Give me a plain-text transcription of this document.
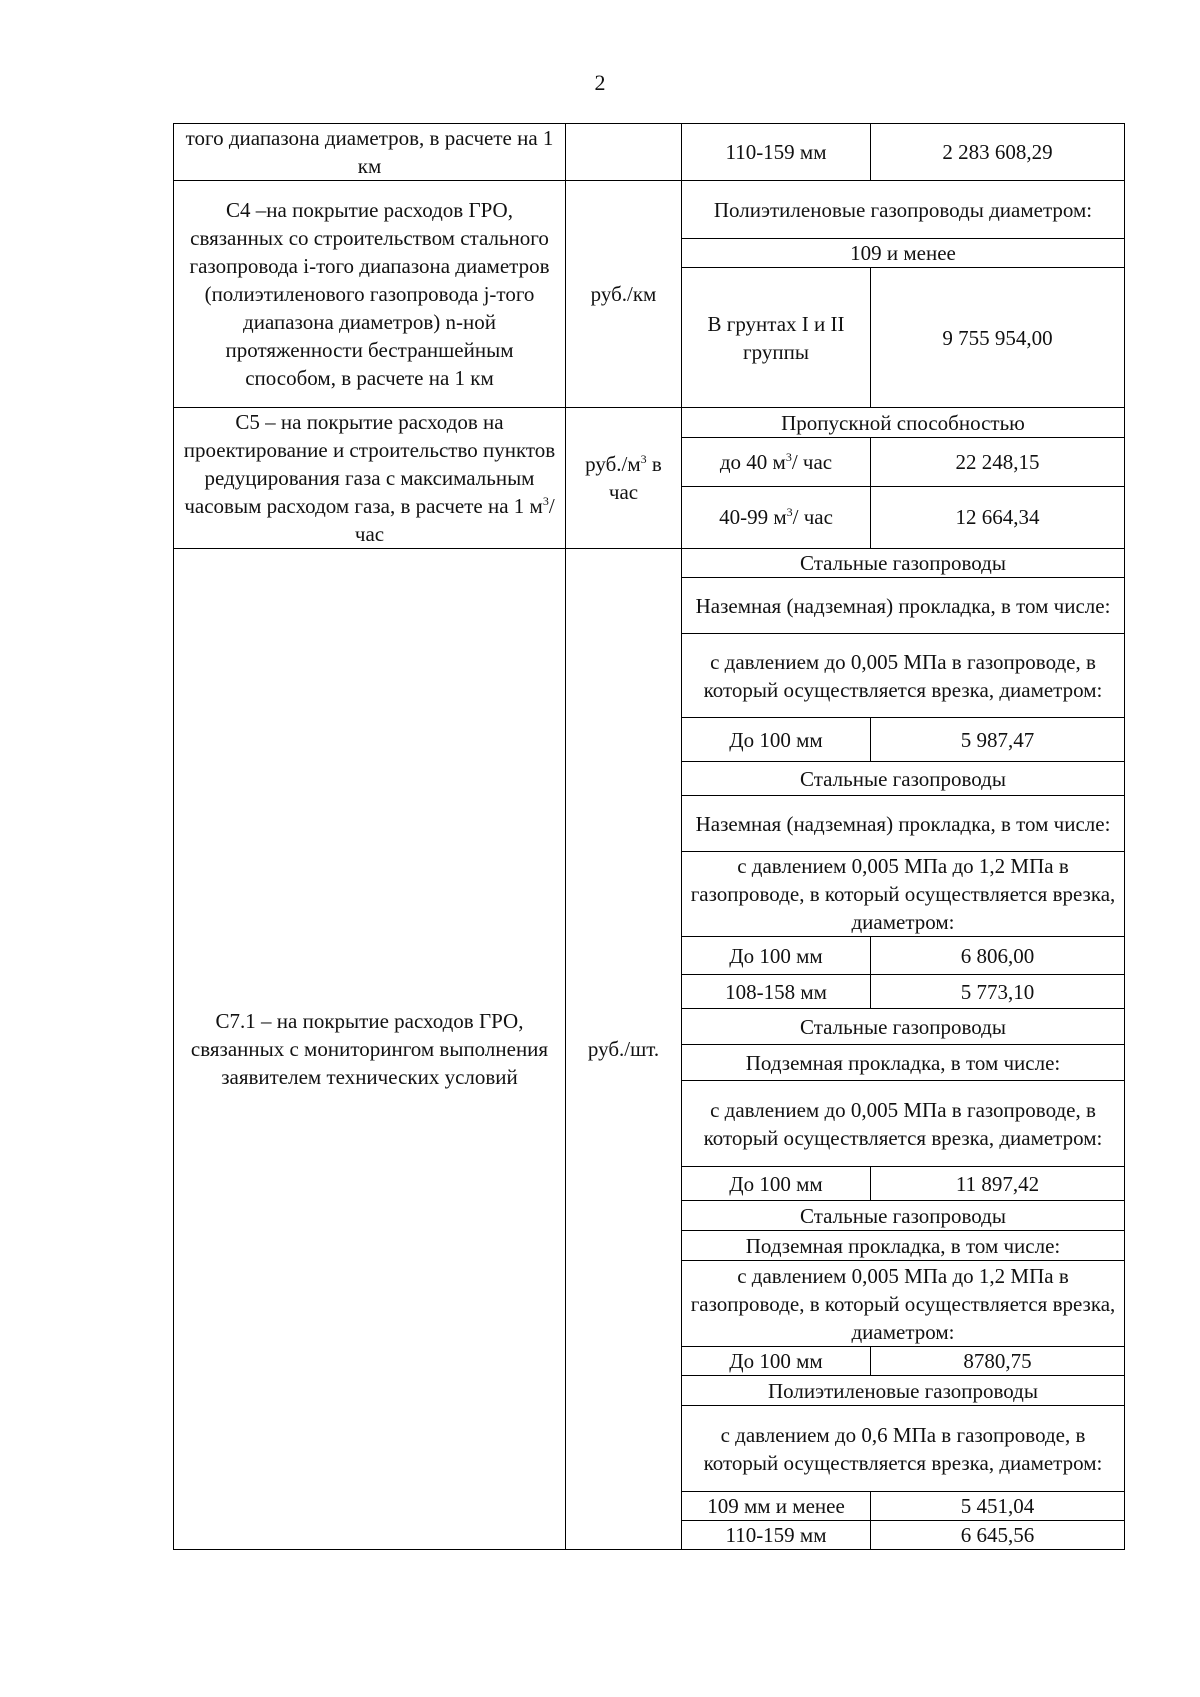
2
того диапазона диаметров, в расчете на 1 км		110-159 мм	2 283 608,29
С4 –на покрытие расходов ГРО, связанных со строительством стального газопровода i-того диапазона диаметров (полиэтиленового газопровода j-того диапазона диаметров) n-ной протяженности бестраншейным способом, в расчете на 1 км	руб./км	Полиэтиленовые газопроводы диаметром:	
		109 и менее	
		В грунтах I и II группы	9 755 954,00
С5 – на покрытие расходов на проектирование и строительство пунктов редуцирования газа с максимальным часовым расходом газа, в расчете на 1 $м^3/$ час	$руб./м^3$ в час	Пропускной способностью	
		до 40 $м^3/$ час	22 248,15
		40-99 $м^3/$ час	12 664,34
С7.1 – на покрытие расходов ГРО, связанных с мониторингом выполнения заявителем технических условий	руб./шт.	Стальные газопроводы	
		Наземная (надземная) прокладка, в том числе:	
		с давлением до 0,005 МПа в газопроводе, в который осуществляется врезка, диаметром:	
		До 100 мм	5 987,47
		Стальные газопроводы	
		Наземная (надземная) прокладка, в том числе:	
		с давлением 0,005 МПа до 1,2 МПа в газопроводе, в который осуществляется врезка, диаметром:	
		До 100 мм	6 806,00
		108-158 мм	5 773,10
		Стальные газопроводы	
		Подземная прокладка, в том числе:	
		с давлением до 0,005 МПа в газопроводе, в который осуществляется врезка, диаметром:	
		До 100 мм	11 897,42
		Стальные газопроводы	
		Подземная прокладка, в том числе:	
		с давлением 0,005 МПа до 1,2 МПа в газопроводе, в который осуществляется врезка, диаметром:	
		До 100 мм	8780,75
		Полиэтиленовые газопроводы	
		с давлением до 0,6 МПа в газопроводе, в который осуществляется врезка, диаметром:	
		109 мм и менее	5 451,04
		110-159 мм	6 645,56
